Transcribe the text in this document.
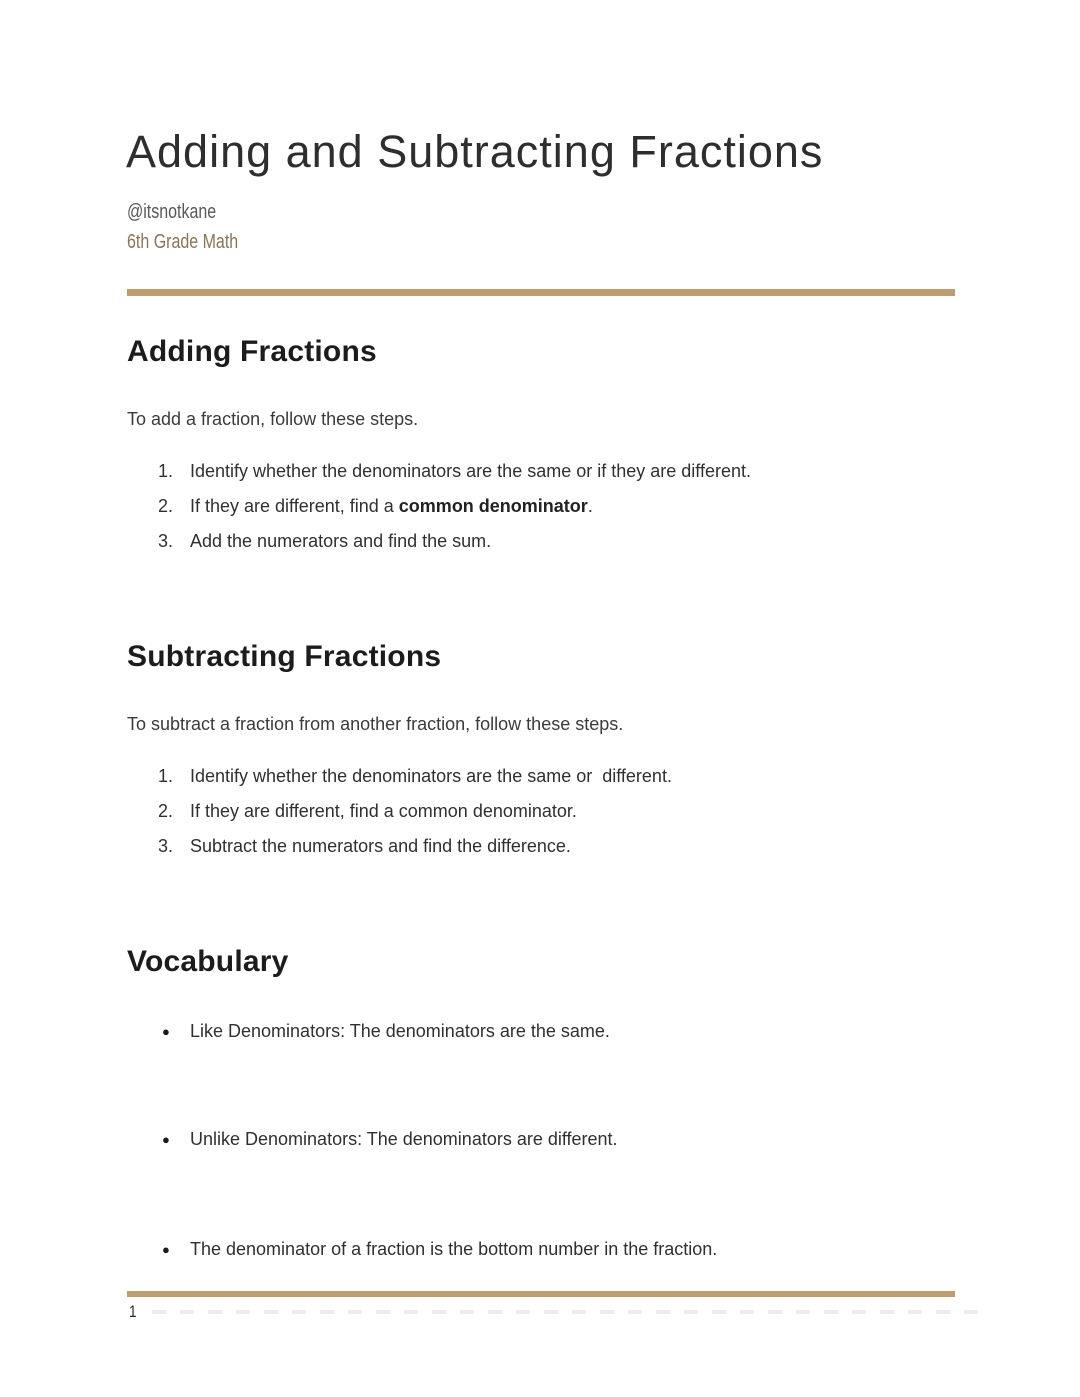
Adding and Subtracting Fractions
@itsnotkane
6th Grade Math
Adding Fractions

To add a fraction, follow these steps.

1. Identify whether the denominators are the same or if they are different.
2. If they are different, find a common denominator.
3. Add the numerators and find the sum.
Subtracting Fractions

To subtract a fraction from another fraction, follow these steps.

1. Identify whether the denominators are the same or  different.
2. If they are different, find a common denominator.
3. Subtract the numerators and find the difference.
Vocabulary
● Like Denominators: The denominators are the same.
● Unlike Denominators: The denominators are different.
● The denominator of a fraction is the bottom number in the fraction.
1
